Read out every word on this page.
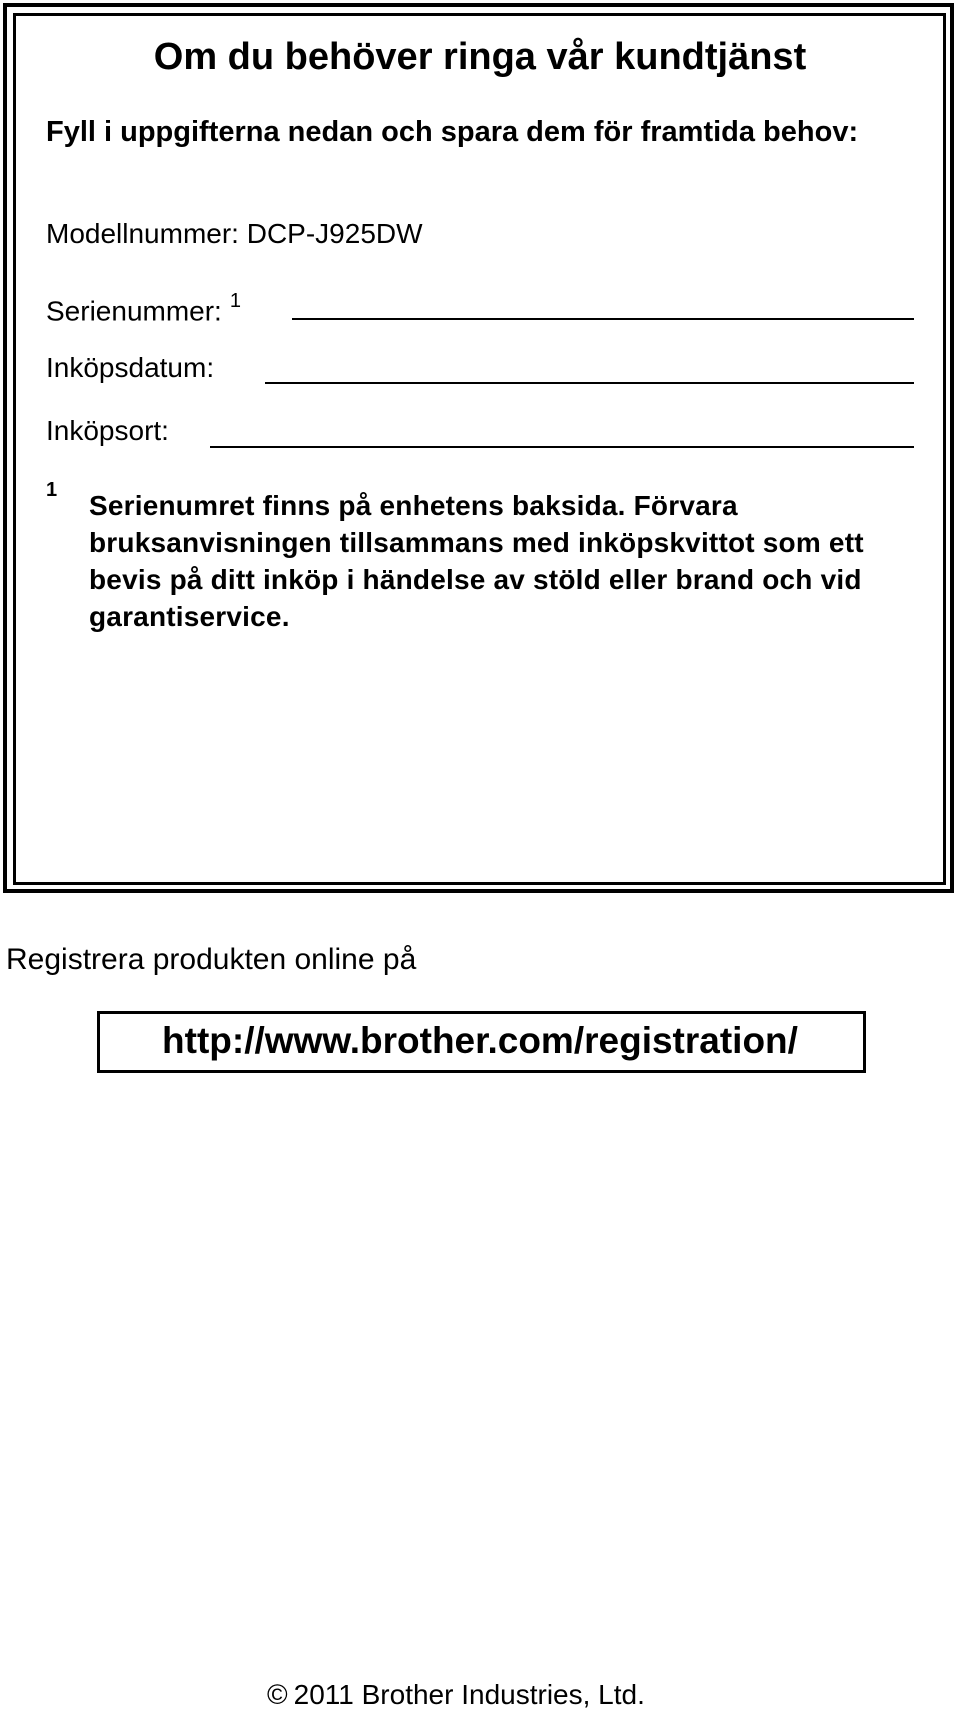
Om du behöver ringa vår kundtjänst
Fyll i uppgifterna nedan och spara dem för framtida behov:
Modellnummer: DCP-J925DW
Serienummer: $^1$
Inköpsdatum:
Inköpsort:
1 Serienumret finns på enhetens baksida. Förvara bruksanvisningen tillsammans med inköpskvittot som ett bevis på ditt inköp i händelse av stöld eller brand och vid garantiservice.
Registrera produkten online på
http://www.brother.com/registration/
© 2011 Brother Industries, Ltd.
